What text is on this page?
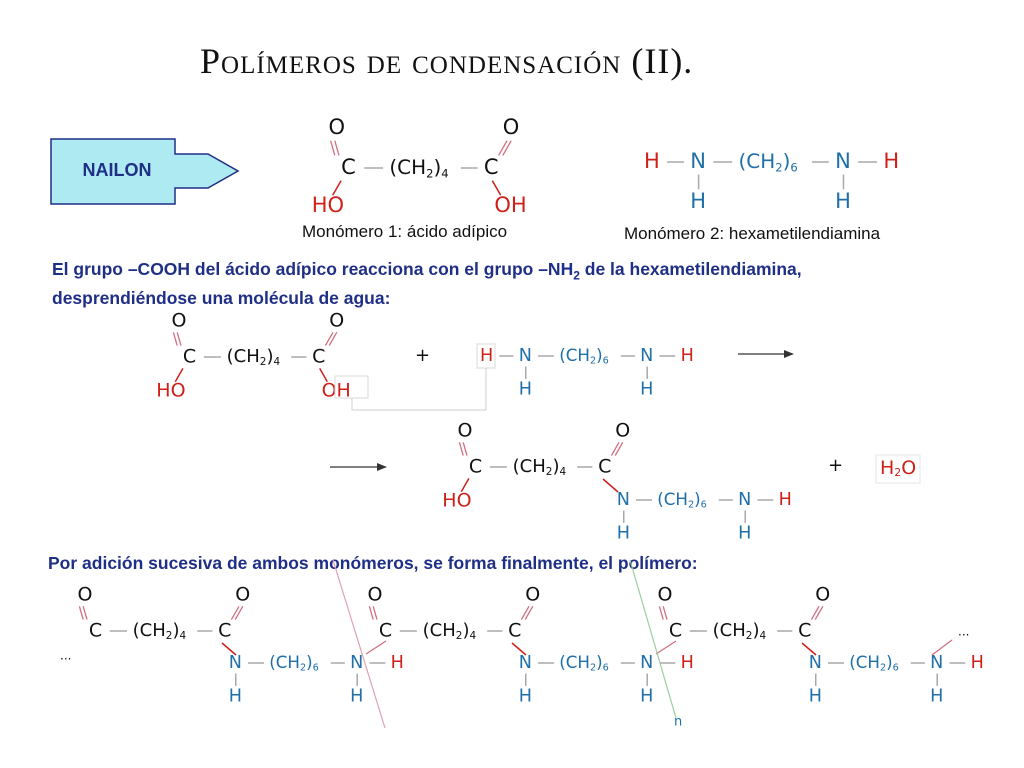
Polímeros de condensación (II).
NAILON
Monómero 1: ácido adípico	Monómero 2: hexametilendiamina
El grupo –COOH del ácido adípico reacciona con el grupo $-NH_2$ de la hexametilendiamina,
desprendiéndose una molécula de agua:
Por adición sucesiva de ambos monómeros, se forma finalmente, el polímero:
O
C $(CH_2)_4$ C
O
HO	OH
H N
H
$(CH_2)_6$ N
H
H
O
C $(CH_2)_4$ C
O
HO	OH
+	H N
H
$(CH_2)_6$ N
H
H
O
C $(CH_2)_4$ C
O
HO	N
H
$(CH_2)_6$ N
H
H
+ $H_2O$
O
C $(CH_2)_4$ C
O
N
H
$(CH_2)_6$ N
H
H
O
C $(CH_2)_4$ C
O
N
H
$(CH_2)_6$ N
H
H
O
C $(CH_2)_4$ C
O
N
H
$(CH_2)_6$ N
H
H
...
...
n
